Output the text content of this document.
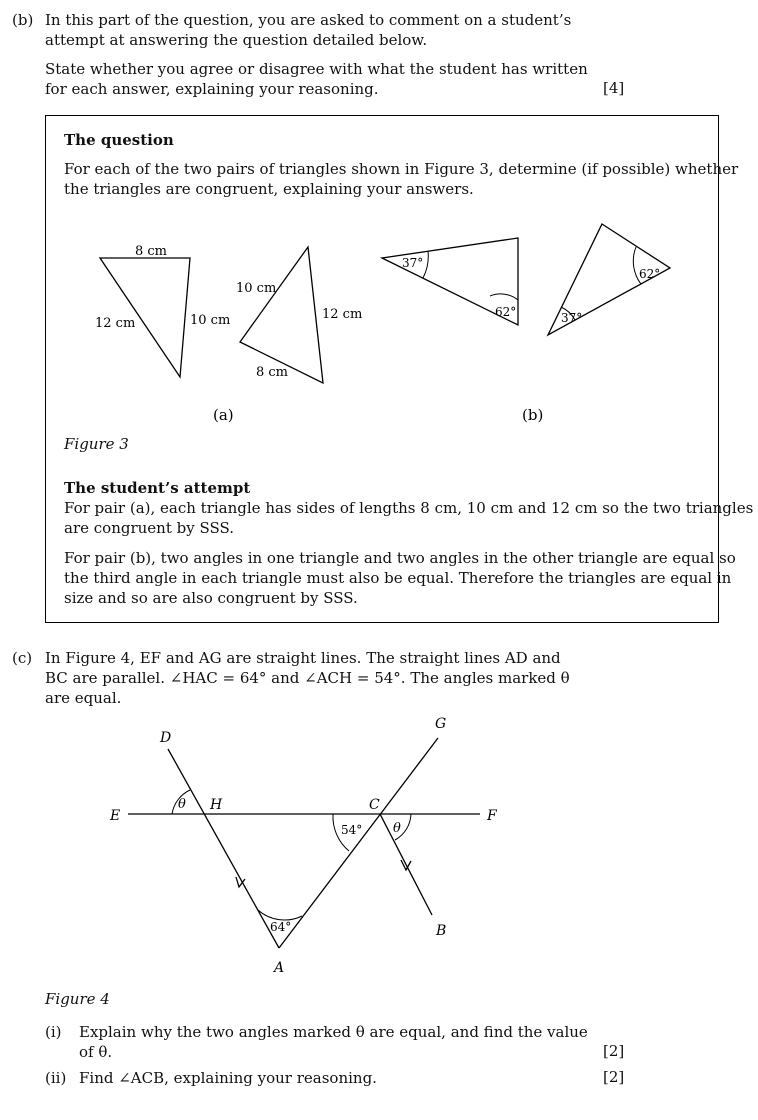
(b) In this part of the question, you are asked to comment on a student’s
attempt at answering the question detailed below.
State whether you agree or disagree with what the student has written
for each answer, explaining your reasoning.	[4]
The question
For each of the two pairs of triangles shown in Figure 3, determine (if possible) whether
the triangles are congruent, explaining your answers.
8 cm
12 cm	10 cm
10 cm
12 cm
8 cm
37°
62°
62°
37°
(a)	(b)
D
G
E
H	C
F
A
B
θ
θ
54°
64°
Figure 3
The student’s attempt
For pair (a), each triangle has sides of lengths 8 cm, 10 cm and 12 cm so the two triangles
are congruent by SSS.
For pair (b), two angles in one triangle and two angles in the other triangle are equal so
the third angle in each triangle must also be equal. Therefore the triangles are equal in
size and so are also congruent by SSS.
(c) In Figure 4, EF and AG are straight lines. The straight lines AD and
BC are parallel. ∠HAC = 64° and ∠ACH = 54°. The angles marked θ
are equal.
Figure 4
(i) Explain why the two angles marked θ are equal, and find the value
of θ.	[2]
(ii) Find ∠ACB, explaining your reasoning.	[2]
